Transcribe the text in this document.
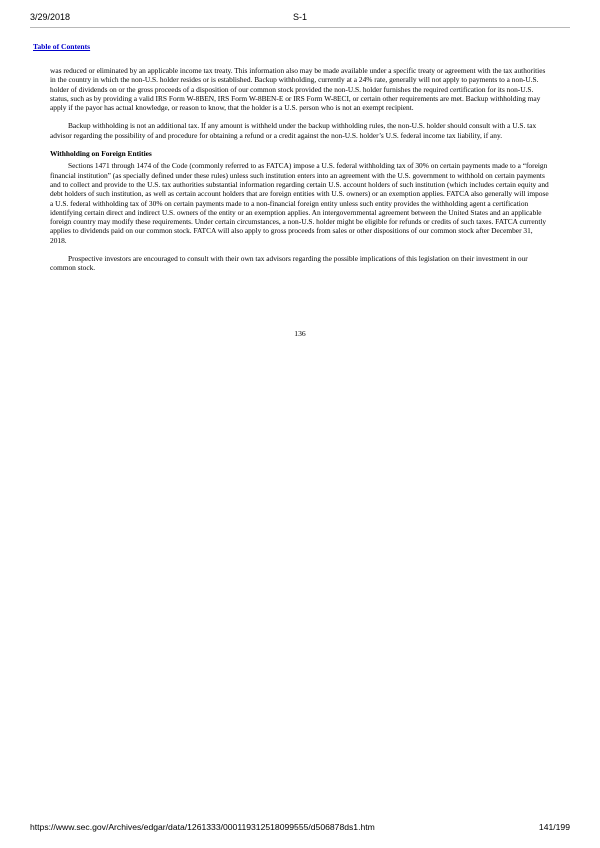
3/29/2018	S-1
Table of Contents

was reduced or eliminated by an applicable income tax treaty. This information also may be made available under a specific treaty or agreement with the tax authorities in the country in which the non-U.S. holder resides or is established. Backup withholding, currently at a 24% rate, generally will not apply to payments to a non-U.S. holder of dividends on or the gross proceeds of a disposition of our common stock provided the non-U.S. holder furnishes the required certification for its non-U.S. status, such as by providing a valid IRS Form W-8BEN, IRS Form W-8BEN-E or IRS Form W-8ECI, or certain other requirements are met. Backup withholding may apply if the payor has actual knowledge, or reason to know, that the holder is a U.S. person who is not an exempt recipient.

Backup withholding is not an additional tax. If any amount is withheld under the backup withholding rules, the non-U.S. holder should consult with a U.S. tax advisor regarding the possibility of and procedure for obtaining a refund or a credit against the non-U.S. holder’s U.S. federal income tax liability, if any.

Withholding on Foreign Entities

Sections 1471 through 1474 of the Code (commonly referred to as FATCA) impose a U.S. federal withholding tax of 30% on certain payments made to a “foreign financial institution” (as specially defined under these rules) unless such institution enters into an agreement with the U.S. government to withhold on certain payments and to collect and provide to the U.S. tax authorities substantial information regarding certain U.S. account holders of such institution (which includes certain equity and debt holders of such institution, as well as certain account holders that are foreign entities with U.S. owners) or an exemption applies. FATCA also generally will impose a U.S. federal withholding tax of 30% on certain payments made to a non-financial foreign entity unless such entity provides the withholding agent a certification identifying certain direct and indirect U.S. owners of the entity or an exemption applies. An intergovernmental agreement between the United States and an applicable foreign country may modify these requirements. Under certain circumstances, a non-U.S. holder might be eligible for refunds or credits of such taxes. FATCA currently applies to dividends paid on our common stock. FATCA will also apply to gross proceeds from sales or other dispositions of our common stock after December 31, 2018.

Prospective investors are encouraged to consult with their own tax advisors regarding the possible implications of this legislation on their investment in our common stock.

136
https://www.sec.gov/Archives/edgar/data/1261333/000119312518099555/d506878ds1.htm	141/199
